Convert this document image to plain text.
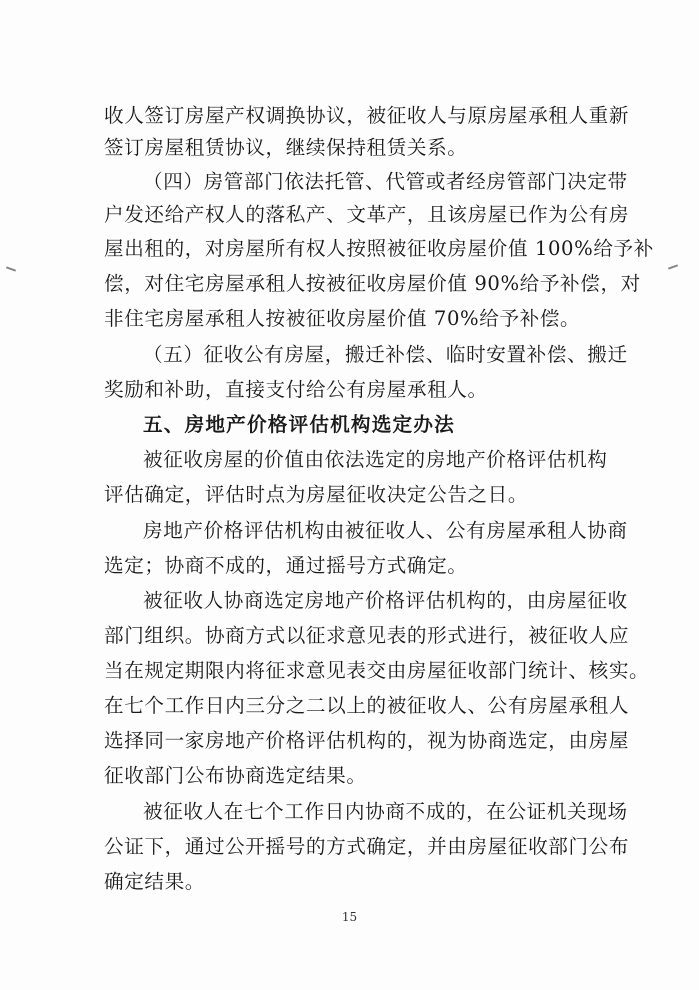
收人签订房屋产权调换协议，被征收人与原房屋承租人重新
签订房屋租赁协议，继续保持租赁关系。
（四）房管部门依法托管、代管或者经房管部门决定带
户发还给产权人的落私产、文革产，且该房屋已作为公有房
屋出租的，对房屋所有权人按照被征收房屋价值 100%给予补
偿，对住宅房屋承租人按被征收房屋价值 90%给予补偿，对
非住宅房屋承租人按被征收房屋价值 70%给予补偿。
（五）征收公有房屋，搬迁补偿、临时安置补偿、搬迁
奖励和补助，直接支付给公有房屋承租人。
五、房地产价格评估机构选定办法
被征收房屋的价值由依法选定的房地产价格评估机构
评估确定，评估时点为房屋征收决定公告之日。
房地产价格评估机构由被征收人、公有房屋承租人协商
选定；协商不成的，通过摇号方式确定。
被征收人协商选定房地产价格评估机构的，由房屋征收
部门组织。协商方式以征求意见表的形式进行，被征收人应
当在规定期限内将征求意见表交由房屋征收部门统计、核实。
在七个工作日内三分之二以上的被征收人、公有房屋承租人
选择同一家房地产价格评估机构的，视为协商选定，由房屋
征收部门公布协商选定结果。
被征收人在七个工作日内协商不成的，在公证机关现场
公证下，通过公开摇号的方式确定，并由房屋征收部门公布
确定结果。
15
